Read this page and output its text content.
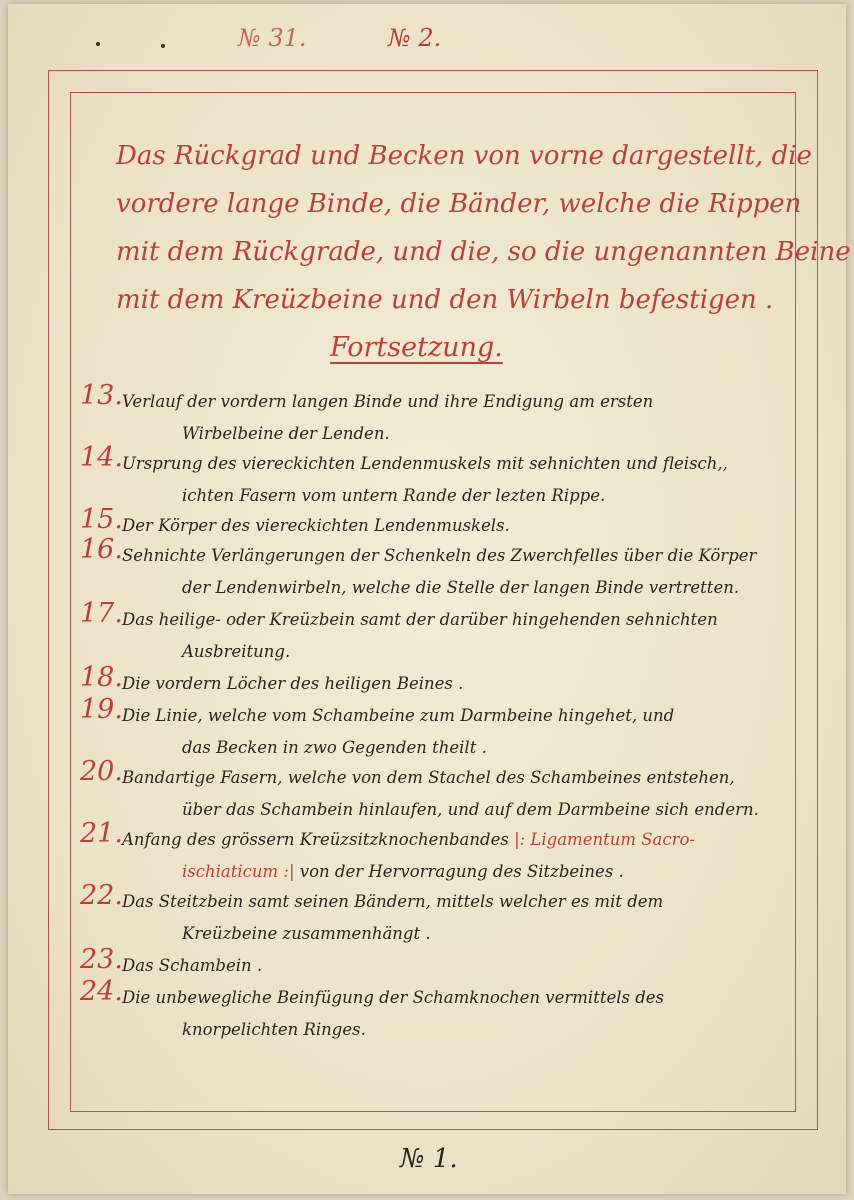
№ 31.	№ 2.
Das Rückgrad und Becken von vorne dargestellt, die
vordere lange Binde, die Bänder, welche die Rippen
mit dem Rückgrade, und die, so die ungenannten Beine
mit dem Kreüzbeine und den Wirbeln befestigen .
Fortsetzung.
13. Verlauf der vordern langen Binde und ihre Endigung am ersten
Wirbelbeine der Lenden.
14. Ursprung des viereckichten Lendenmuskels mit sehnichten und fleisch,,
ichten Fasern vom untern Rande der lezten Rippe.
15. Der Körper des viereckichten Lendenmuskels.
16. Sehnichte Verlängerungen der Schenkeln des Zwerchfelles über die Körper
der Lendenwirbeln, welche die Stelle der langen Binde vertretten.
17. Das heilige- oder Kreüzbein samt der darüber hingehenden sehnichten
Ausbreitung.
18. Die vordern Löcher des heiligen Beines .
19. Die Linie, welche vom Schambeine zum Darmbeine hingehet, und
das Becken in zwo Gegenden theilt .
20. Bandartige Fasern, welche von dem Stachel des Schambeines entstehen,
über das Schambein hinlaufen, und auf dem Darmbeine sich endern.
21. Anfang des grössern Kreüzsitzknochenbandes |: Ligamentum Sacro-
ischiaticum :| von der Hervorragung des Sitzbeines .
22. Das Steitzbein samt seinen Bändern, mittels welcher es mit dem
Kreüzbeine zusammenhängt .
23. Das Schambein .
24. Die unbewegliche Beinfügung der Schamknochen vermittels des
knorpelichten Ringes.
№ 1.
